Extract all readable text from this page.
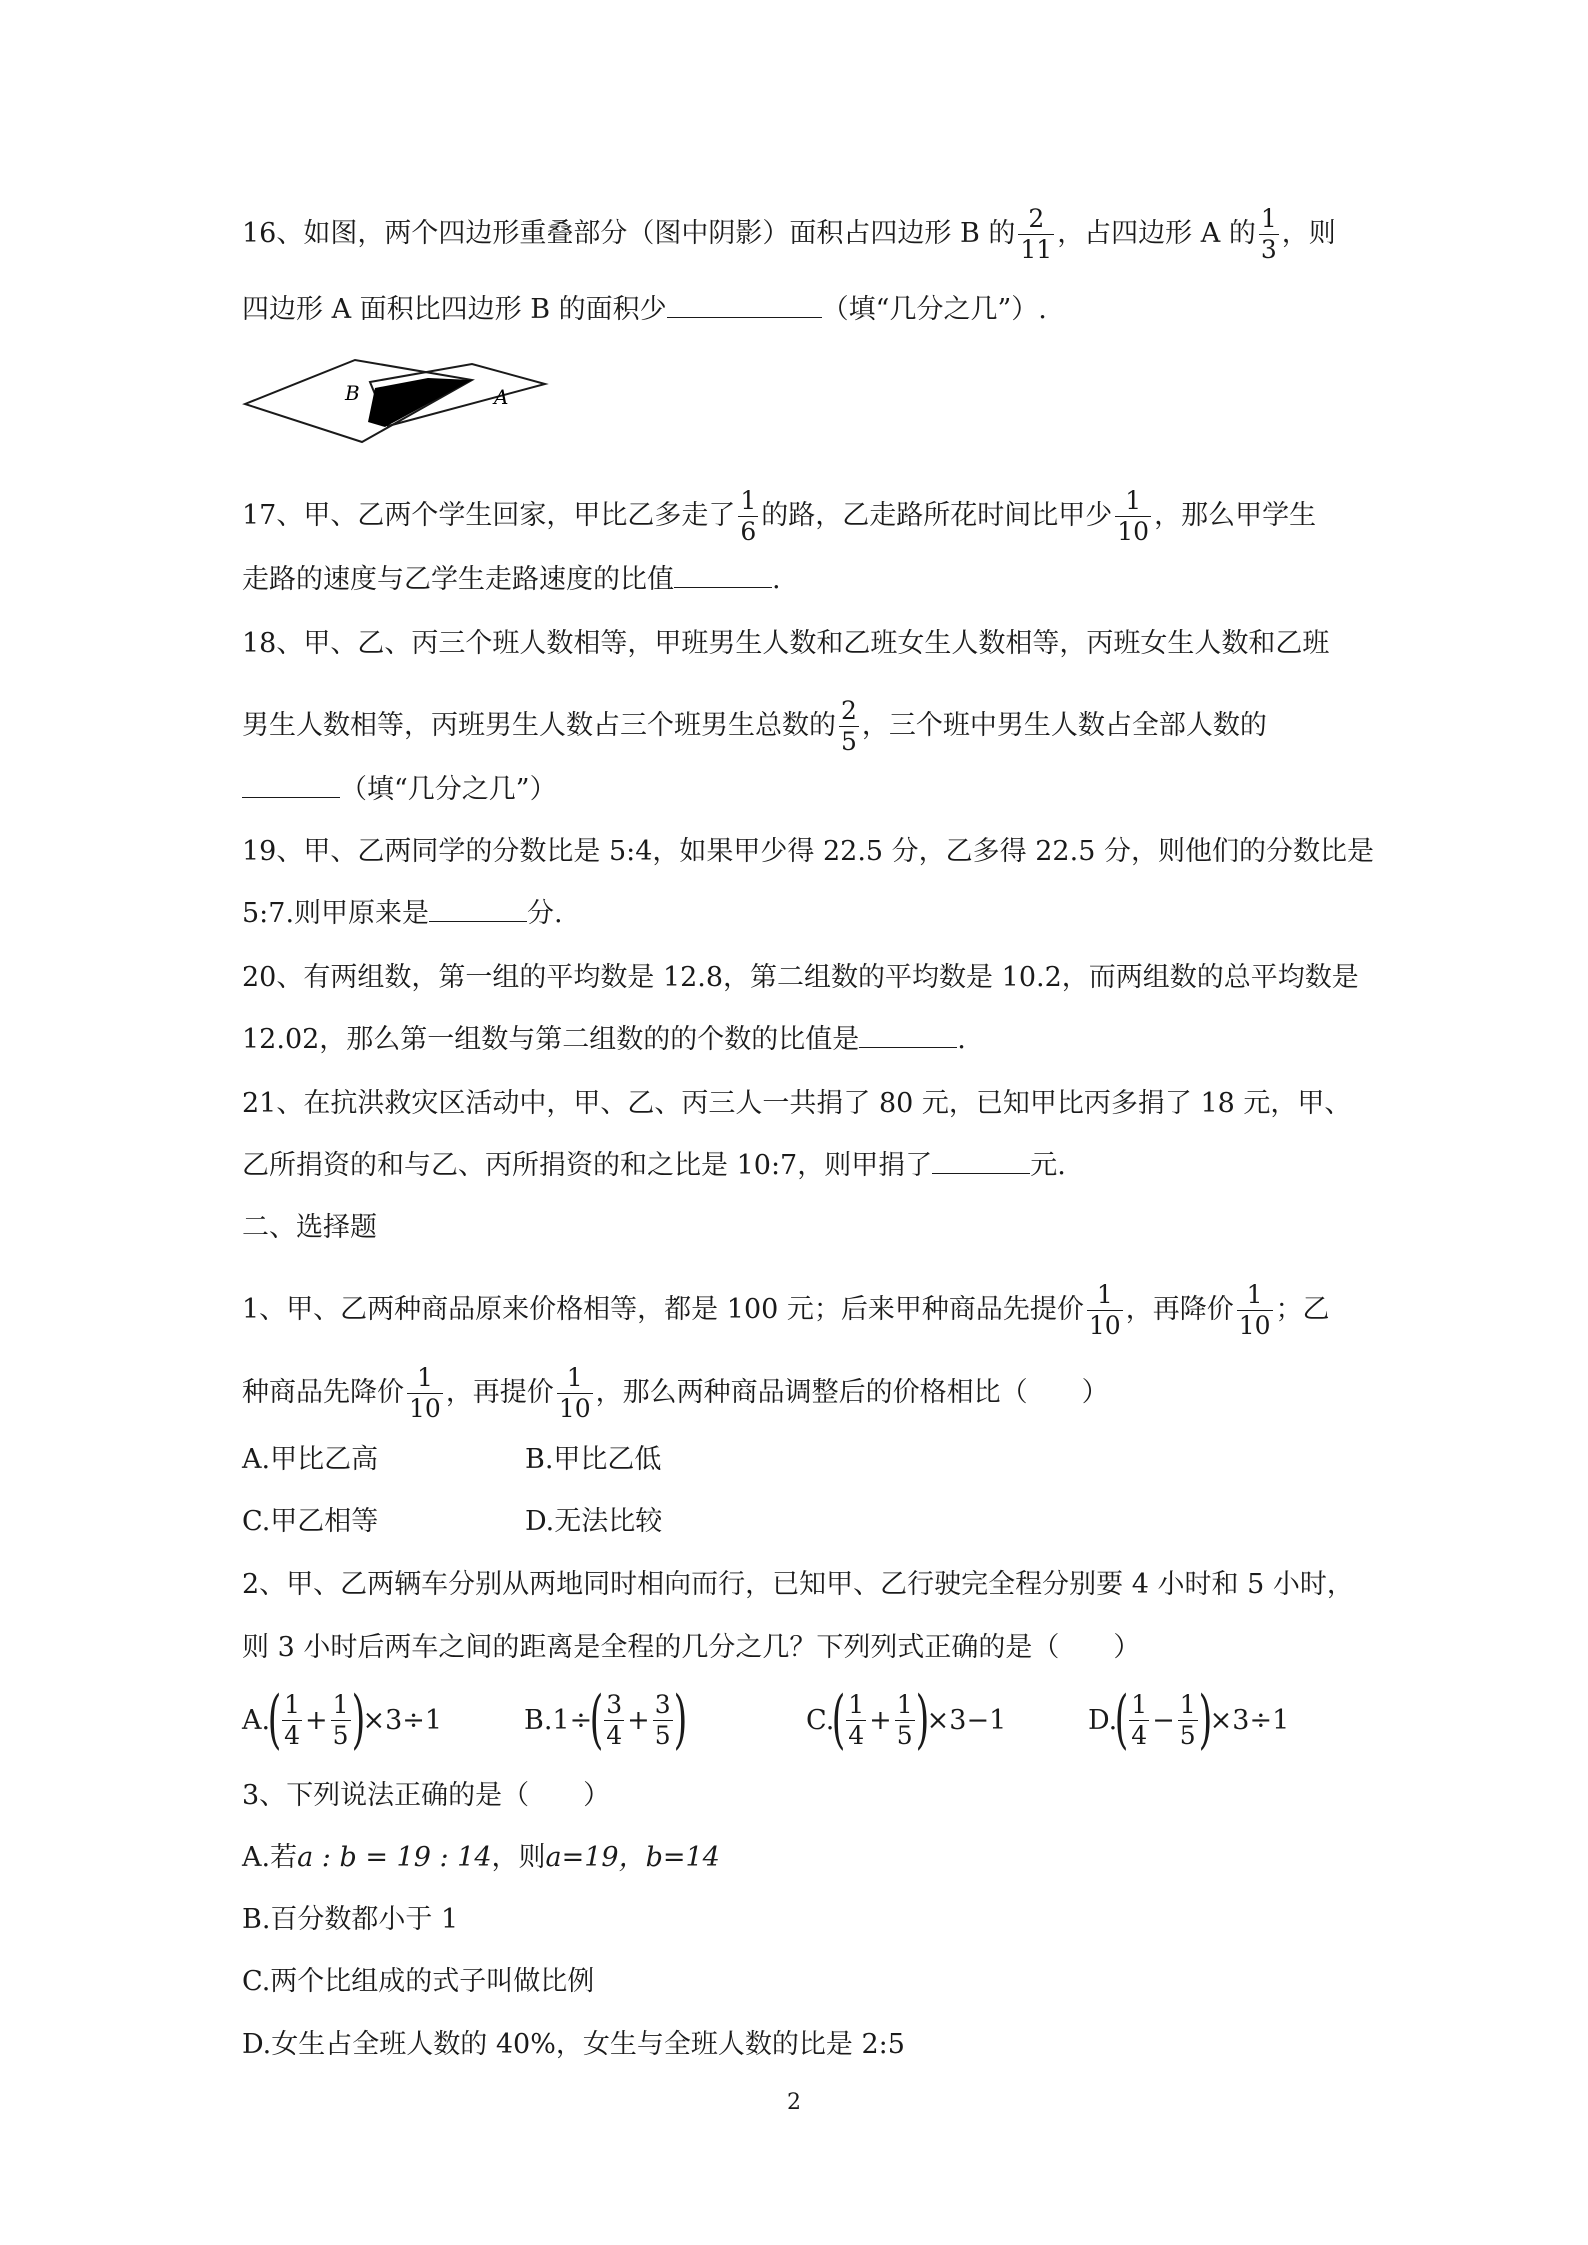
16、如图，两个四边形重叠部分（图中阴影）面积占四边形 B 的 $\frac{2}{11}$ ，占四边形 A 的 $\frac{1}{3}$ ，则
四边形 A 面积比四边形 B 的面积少	（填“几分之几”）.
B	A
17、甲、乙两个学生回家，甲比乙多走了 $\frac{1}{6}$ 的路，乙走路所花时间比甲少 $\frac{1}{10}$ ，那么甲学生
走路的速度与乙学生走路速度的比值	.
18、甲、乙、丙三个班人数相等，甲班男生人数和乙班女生人数相等，丙班女生人数和乙班
男生人数相等，丙班男生人数占三个班男生总数的 $\frac{2}{5}$ ，三个班中男生人数占全部人数的
（填“几分之几”）
19、甲、乙两同学的分数比是 5:4，如果甲少得 22.5 分，乙多得 22.5 分，则他们的分数比是
5:7.则甲原来是	分.
20、有两组数，第一组的平均数是 12.8，第二组数的平均数是 10.2，而两组数的总平均数是
12.02，那么第一组数与第二组数的的个数的比值是	.
21、在抗洪救灾区活动中，甲、乙、丙三人一共捐了 80 元，已知甲比丙多捐了 18 元，甲、
乙所捐资的和与乙、丙所捐资的和之比是 10:7，则甲捐了	元.
二、选择题
1、甲、乙两种商品原来价格相等，都是 100 元；后来甲种商品先提价 $\frac{1}{10}$ ，再降价 $\frac{1}{10}$ ；乙
种商品先降价 $\frac{1}{10}$ ，再提价 $\frac{1}{10}$ ，那么两种商品调整后的价格相比（　　）
A.甲比乙高	B.甲比乙低
C.甲乙相等	D.无法比较
2、甲、乙两辆车分别从两地同时相向而行，已知甲、乙行驶完全程分别要 4 小时和 5 小时，
则 3 小时后两车之间的距离是全程的几分之几？下列列式正确的是（　　）
A.
( $\frac{1}{4} + \frac{1}{5}$ )
×3÷1	B.1÷
( $\frac{3}{4} + \frac{3}{5}$ )	C.
( $\frac{1}{4} + \frac{1}{5}$ )
×3−1	D.
( $\frac{1}{4} - \frac{1}{5}$ )
×3÷1
3、下列说法正确的是（　　）
A.若a : b = 19 : 14，则a=19，b=14
B.百分数都小于 1
C.两个比组成的式子叫做比例
D.女生占全班人数的 40%，女生与全班人数的比是 2:5
2
